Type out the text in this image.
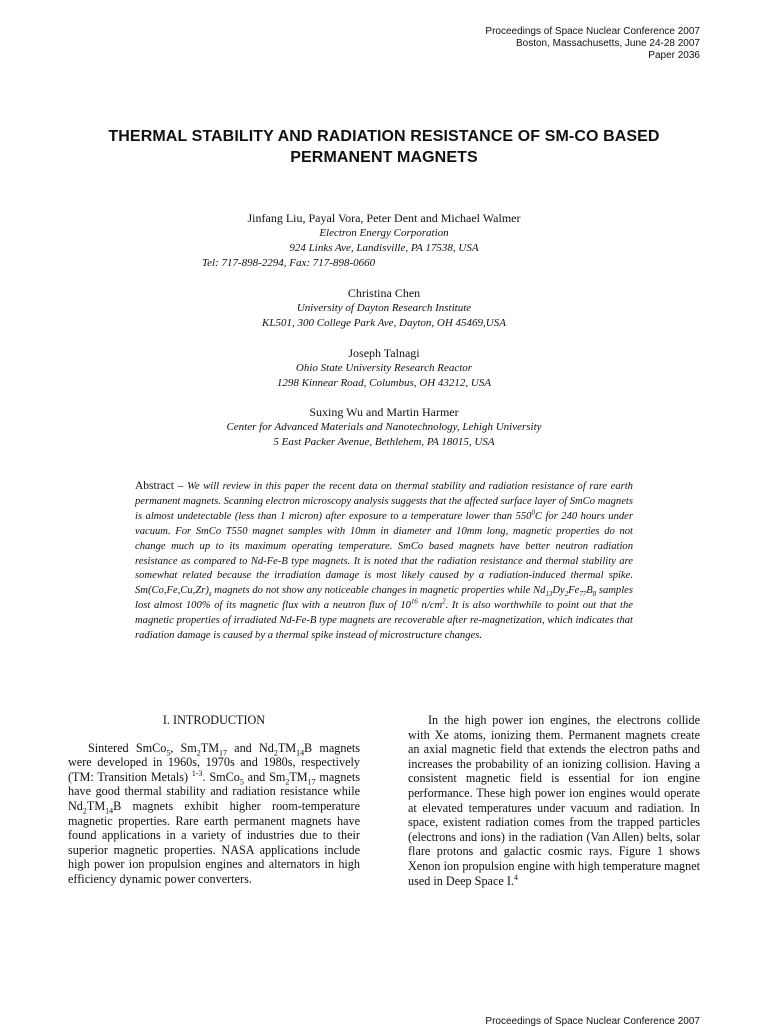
Proceedings of Space Nuclear Conference 2007
Boston, Massachusetts, June 24-28 2007
Paper 2036
THERMAL STABILITY AND RADIATION RESISTANCE OF SM-CO BASED
PERMANENT MAGNETS
Jinfang Liu, Payal Vora, Peter Dent and Michael Walmer
Electron Energy Corporation
924 Links Ave, Landisville, PA 17538, USA
Tel: 717-898-2294, Fax: 717-898-0660
Christina Chen
University of Dayton Research Institute
KL501, 300 College Park Ave, Dayton, OH 45469,USA
Joseph Talnagi
Ohio State University Research Reactor
1298 Kinnear Road, Columbus, OH 43212, USA
Suxing Wu and Martin Harmer
Center for Advanced Materials and Nanotechnology, Lehigh University
5 East Packer Avenue, Bethlehem, PA 18015, USA
Abstract – We will review in this paper the recent data on thermal stability and radiation resistance of rare earth permanent magnets. Scanning electron microscopy analysis suggests that the affected surface layer of SmCo magnets is almost undetectable (less than 1 micron) after exposure to a temperature lower than $550^0C$ for 240 hours under vacuum. For SmCo T550 magnet samples with 10mm in diameter and 10mm long, magnetic properties do not change much up to its maximum operating temperature. SmCo based magnets have better neutron radiation resistance as compared to Nd-Fe-B type magnets. It is noted that the radiation resistance and thermal stability are somewhat related because the irradiation damage is most likely caused by a radiation-induced thermal spike. $Sm(Co,Fe,Cu,Zr)_z$ magnets do not show any noticeable changes in magnetic properties while $Nd_{13}Dy_2Fe_{77}B_8$ samples lost almost 100% of its magnetic flux with a neutron flux of $10^{16}$ $n/cm^2$. It is also worthwhile to point out that the magnetic properties of irradiated Nd-Fe-B type magnets are recoverable after re-magnetization, which indicates that radiation damage is caused by a thermal spike instead of microstructure changes.
I. INTRODUCTION

Sintered SmCo$_5$, $Sm_2TM_{17}$ and $Nd_2TM_{14}B$ magnets were developed in 1960s, 1970s and 1980s, respectively (TM: Transition Metals) $^{1-3}$. SmCo$_5$ and $Sm_2TM_{17}$ magnets have good thermal stability and radiation resistance while $Nd_2TM_{14}B$ magnets exhibit higher room-temperature magnetic properties. Rare earth permanent magnets have found applications in a variety of industries due to their superior magnetic properties. NASA applications include high power ion propulsion engines and alternators in high efficiency dynamic power converters.

In the high power ion engines, the electrons collide with Xe atoms, ionizing them. Permanent magnets create an axial magnetic field that extends the electron paths and increases the probability of an ionizing collision. Having a consistent magnetic field is essential for ion engine performance. These high power ion engines would operate at elevated temperatures under vacuum and radiation. In space, existent radiation comes from the trapped particles (electrons and ions) in the radiation (Van Allen) belts, solar flare protons and galactic cosmic rays. Figure 1 shows Xenon ion propulsion engine with high temperature magnet used in Deep Space I.$^4$

Proceedings of Space Nuclear Conference 2007
